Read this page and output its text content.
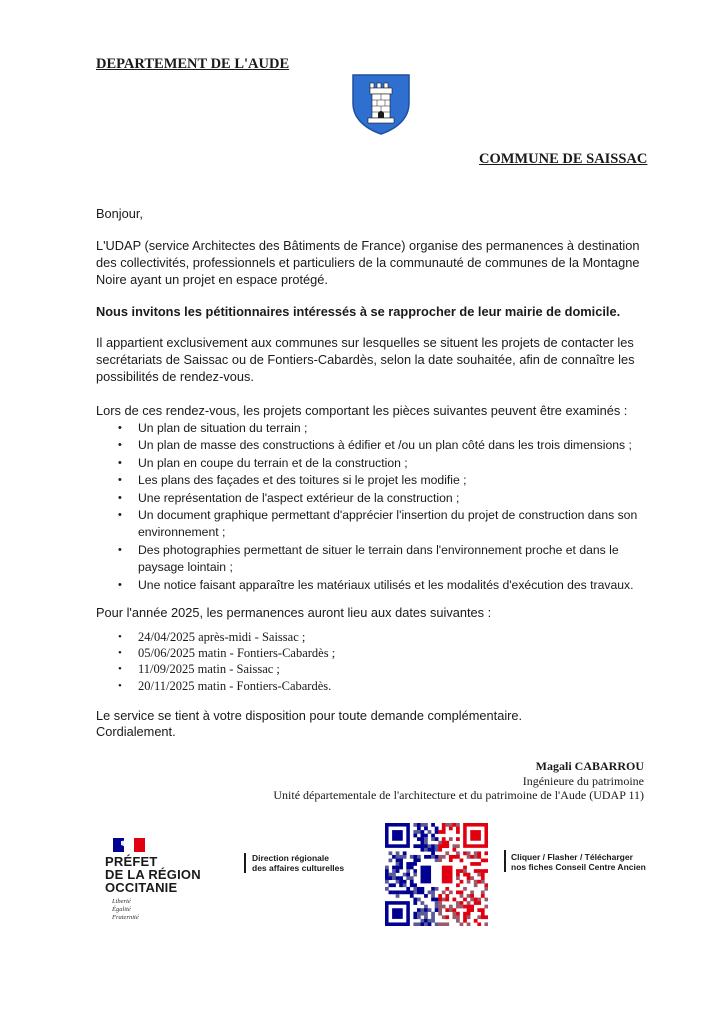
DEPARTEMENT DE L'AUDE
COMMUNE DE SAISSAC
Bonjour,
L'UDAP (service Architectes des Bâtiments de France) organise des permanences à destination des collectivités, professionnels et particuliers de la communauté de communes de la Montagne Noire ayant un projet en espace protégé.
Nous invitons les pétitionnaires intéressés à se rapprocher de leur mairie de domicile.
Il appartient exclusivement aux communes sur lesquelles se situent les projets de contacter les secrétariats de Saissac ou de Fontiers-Cabardès, selon la date souhaitée, afin de connaître les possibilités de rendez-vous.
Lors de ces rendez-vous, les projets comportant les pièces suivantes peuvent être examinés :
• Un plan de situation du terrain ;
• Un plan de masse des constructions à édifier et /ou un plan côté dans les trois dimensions ;
• Un plan en coupe du terrain et de la construction ;
• Les plans des façades et des toitures si le projet les modifie ;
• Une représentation de l'aspect extérieur de la construction ;
• Un document graphique permettant d'apprécier l'insertion du projet de construction dans son environnement ;
• Des photographies permettant de situer le terrain dans l'environnement proche et dans le paysage lointain ;
• Une notice faisant apparaître les matériaux utilisés et les modalités d'exécution des travaux.
Pour l'année 2025, les permanences auront lieu aux dates suivantes :
• 24/04/2025 après-midi - Saissac ;
• 05/06/2025 matin - Fontiers-Cabardès ;
• 11/09/2025 matin - Saissac ;
• 20/11/2025 matin - Fontiers-Cabardès.
Le service se tient à votre disposition pour toute demande complémentaire.
Cordialement.
Magali CABARROU
Ingénieure du patrimoine
Unité départementale de l'architecture et du patrimoine de l'Aude (UDAP 11)
PRÉFET
DE LA RÉGION
OCCITANIE
Liberté
Égalité
Fraternité
Direction régionale
des affaires culturelles
Cliquer / Flasher / Télécharger
nos fiches Conseil Centre Ancien
